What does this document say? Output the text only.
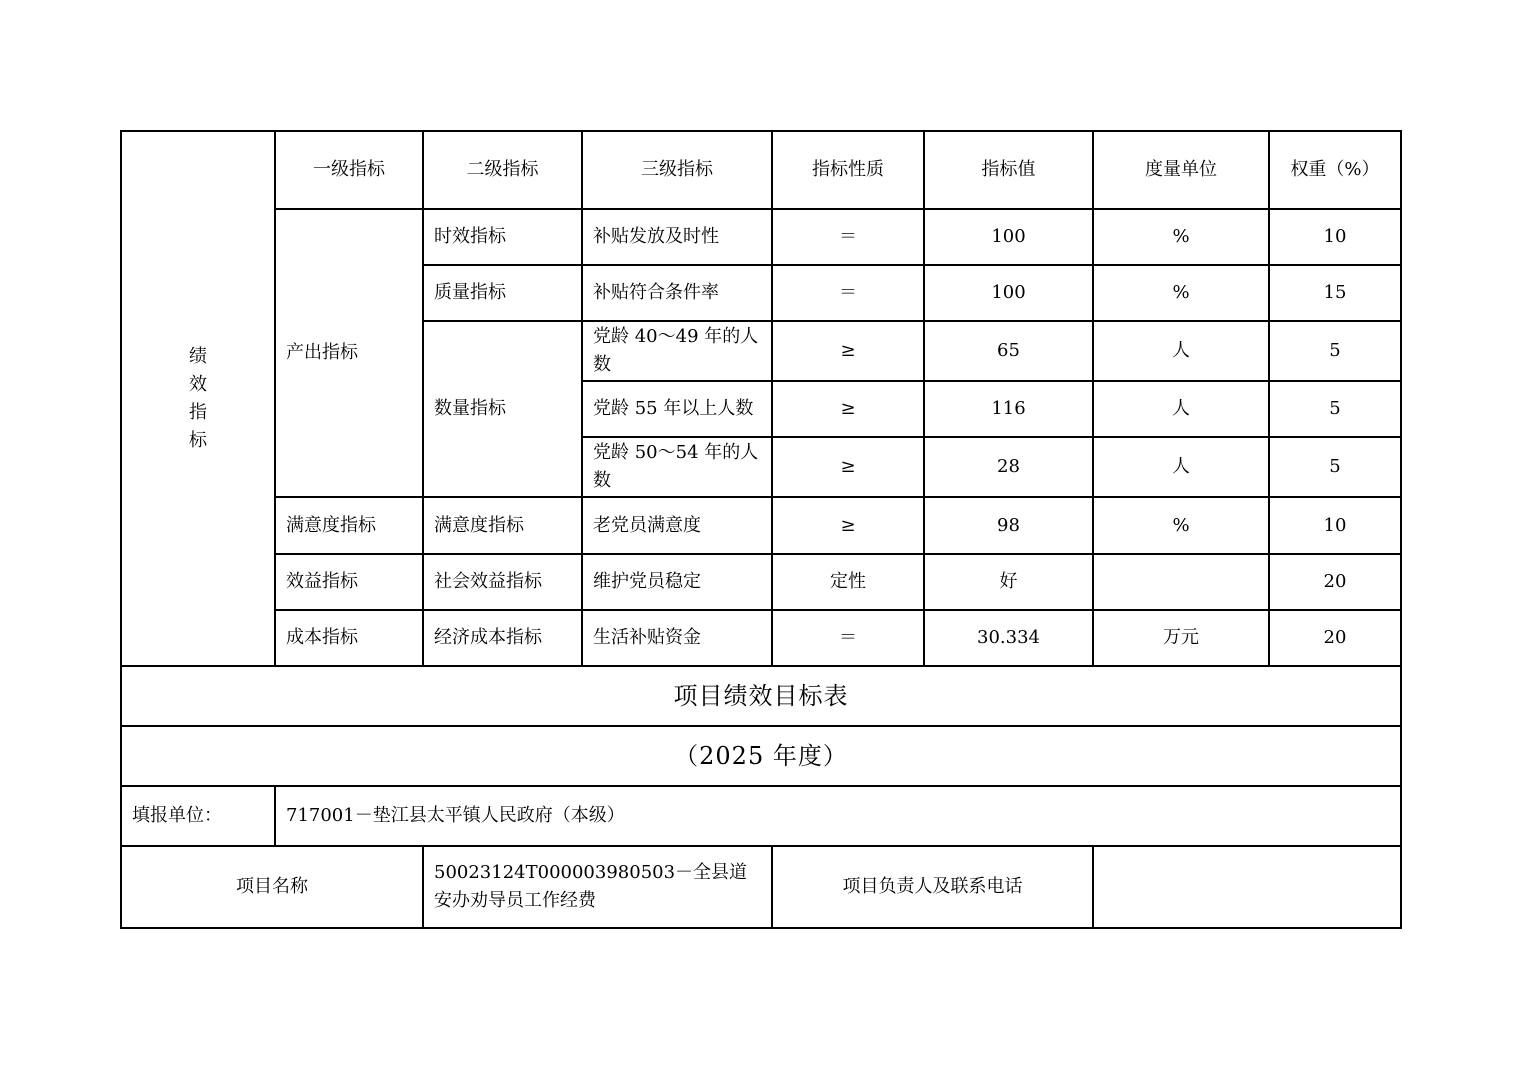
绩
效
指
标	一级指标	二级指标	三级指标	指标性质	指标值	度量单位	权重（%）
	产出指标	时效指标	补贴发放及时性	＝	100	%	10
		质量指标	补贴符合条件率	＝	100	%	15
		数量指标	党龄 40～49 年的人数	≥	65	人	5
			党龄 55 年以上人数	≥	116	人	5
			党龄 50～54 年的人数	≥	28	人	5
	满意度指标	满意度指标	老党员满意度	≥	98	%	10
	效益指标	社会效益指标	维护党员稳定	定性	好		20
	成本指标	经济成本指标	生活补贴资金	＝	30.334	万元	20
项目绩效目标表							
（2025 年度）							
填报单位：	717001－垫江县太平镇人民政府（本级）						
项目名称		50023124T000003980503－全县道安办劝导员工作经费		项目负责人及联系电话			
